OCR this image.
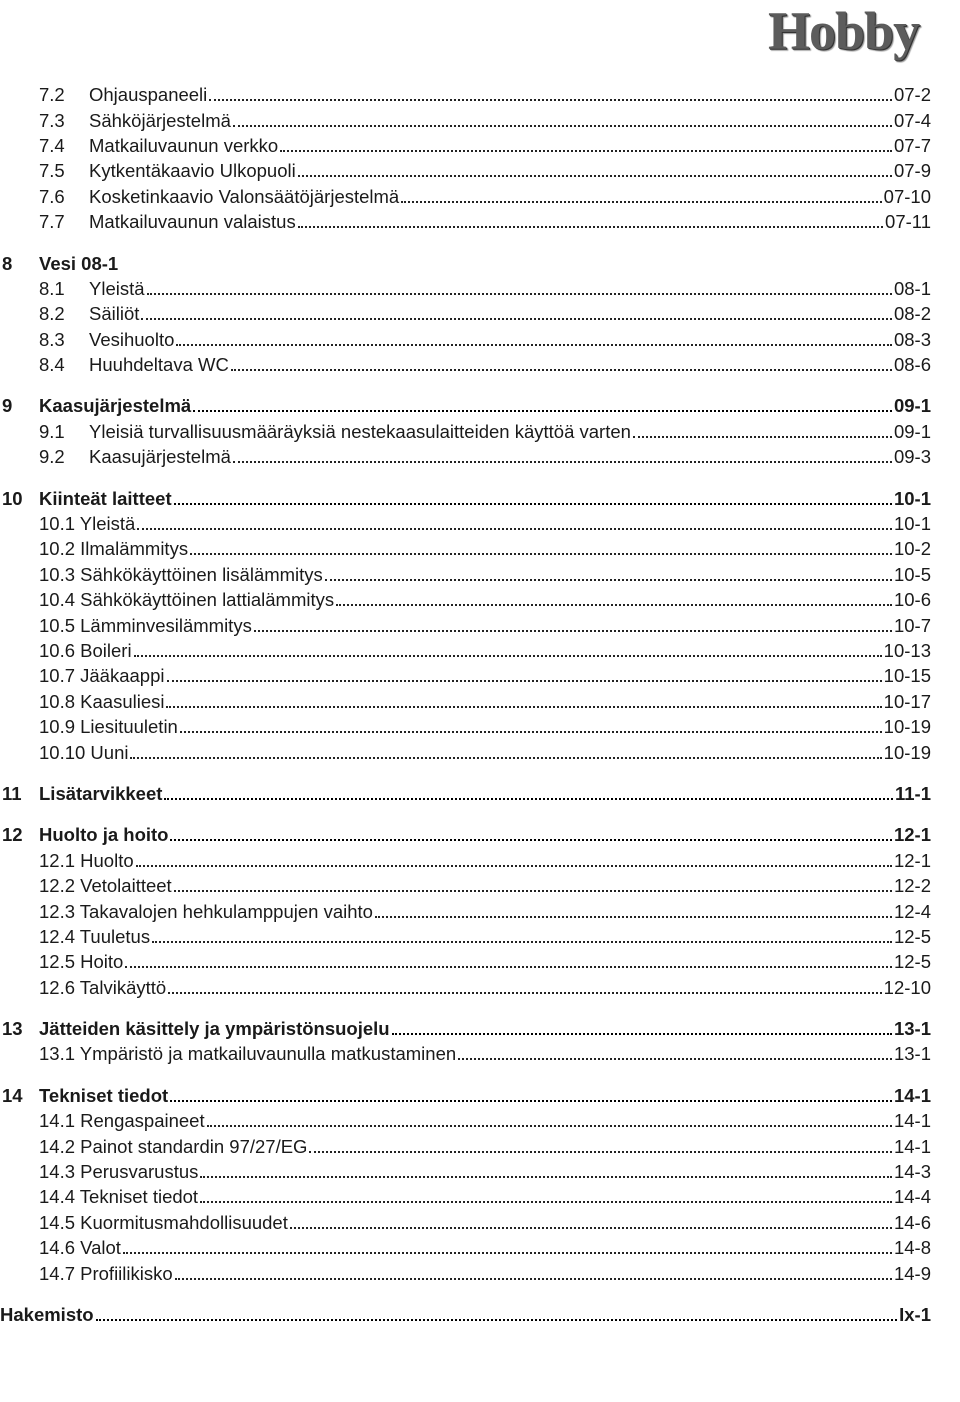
Hobby
7.2	Ohjauspaneeli	07-2
7.3	Sähköjärjestelmä	07-4
7.4	Matkailuvaunun verkko	07-7
7.5	Kytkentäkaavio Ulkopuoli	07-9
7.6	Kosketinkaavio Valonsäätöjärjestelmä	07-10
7.7	Matkailuvaunun valaistus	07-11
8	Vesi 08-1
8.1	Yleistä	08-1
8.2	Säiliöt	08-2
8.3	Vesihuolto	08-3
8.4	Huuhdeltava WC	08-6
9	Kaasujärjestelmä	09-1
9.1	Yleisiä turvallisuusmääräyksiä nestekaasulaitteiden käyttöä varten	09-1
9.2	Kaasujärjestelmä	09-3
10 Kiinteät laitteet	10-1
10.1 Yleistä	10-1
10.2 Ilmalämmitys	10-2
10.3 Sähkökäyttöinen lisälämmitys	10-5
10.4 Sähkökäyttöinen lattialämmitys	10-6
10.5 Lämminvesilämmitys	10-7
10.6 Boileri	10-13
10.7 Jääkaappi	10-15
10.8 Kaasuliesi	10-17
10.9 Liesituuletin	10-19
10.10 Uuni	10-19
11 Lisätarvikkeet	11-1
12 Huolto ja hoito	12-1
12.1 Huolto	12-1
12.2 Vetolaitteet	12-2
12.3 Takavalojen hehkulamppujen vaihto	12-4
12.4 Tuuletus	12-5
12.5 Hoito	12-5
12.6 Talvikäyttö	12-10
13 Jätteiden käsittely ja ympäristönsuojelu	13-1
13.1 Ympäristö ja matkailuvaunulla matkustaminen	13-1
14 Tekniset tiedot	14-1
14.1 Rengaspaineet	14-1
14.2 Painot standardin 97/27/EG	14-1
14.3 Perusvarustus	14-3
14.4 Tekniset tiedot	14-4
14.5 Kuormitusmahdollisuudet	14-6
14.6 Valot	14-8
14.7 Profiilikisko	14-9
Hakemisto	Ix-1
